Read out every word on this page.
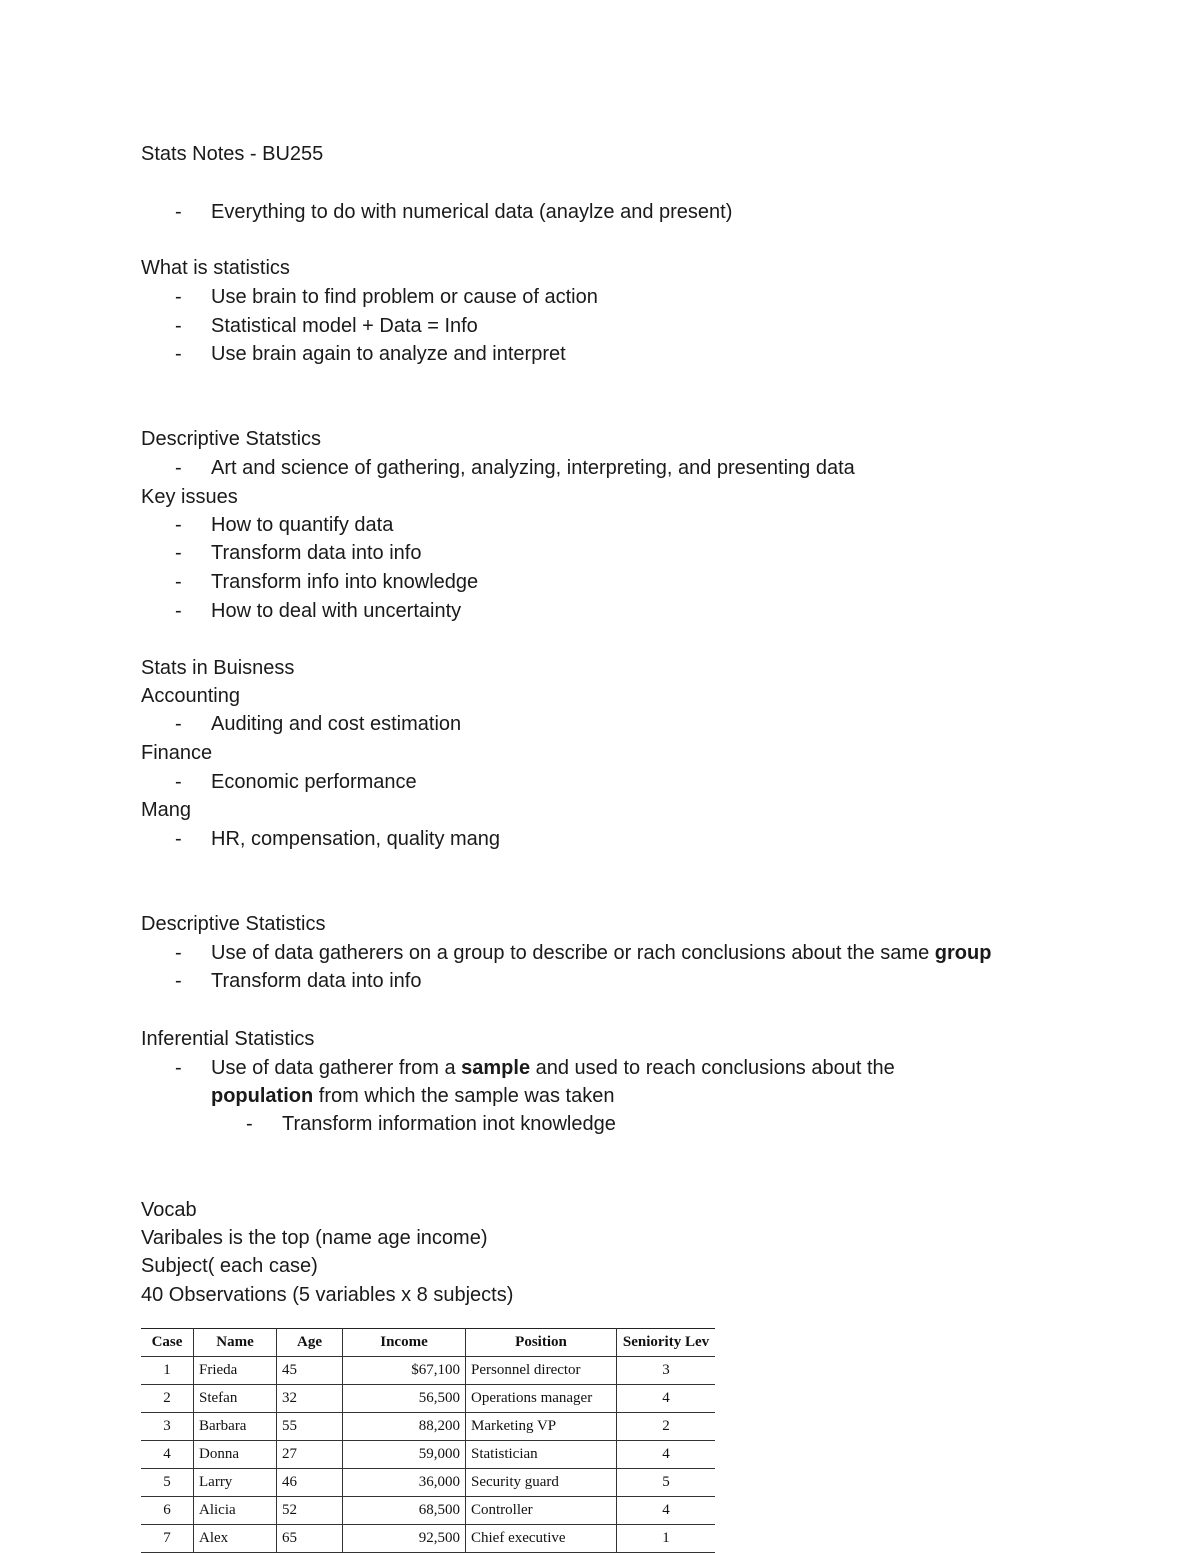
Stats Notes - BU255
- Everything to do with numerical data (anaylze and present)
What is statistics
- Use brain to find problem or cause of action
- Statistical model + Data = Info
- Use brain again to analyze and interpret
Descriptive Statstics
- Art and science of gathering, analyzing, interpreting, and presenting data
Key issues
- How to quantify data
- Transform data into info
- Transform info into knowledge
- How to deal with uncertainty
Stats in Buisness
Accounting
- Auditing and cost estimation
Finance
- Economic performance
Mang
- HR, compensation, quality mang
Descriptive Statistics
- Use of data gatherers on a group to describe or rach conclusions about the same group
- Transform data into info
Inferential Statistics
- Use of data gatherer from a sample and used to reach conclusions about the
population from which the sample was taken
- Transform information inot knowledge
Vocab
Varibales is the top (name age income)
Subject( each case)
40 Observations (5 variables x 8 subjects)
Case	Name	Age	Income	Position	Seniority Lev
1	Frieda	45	$67,100	Personnel director	3
2	Stefan	32	56,500	Operations manager	4
3	Barbara	55	88,200	Marketing VP	2
4	Donna	27	59,000	Statistician	4
5	Larry	46	36,000	Security guard	5
6	Alicia	52	68,500	Controller	4
7	Alex	65	92,500	Chief executive	1
